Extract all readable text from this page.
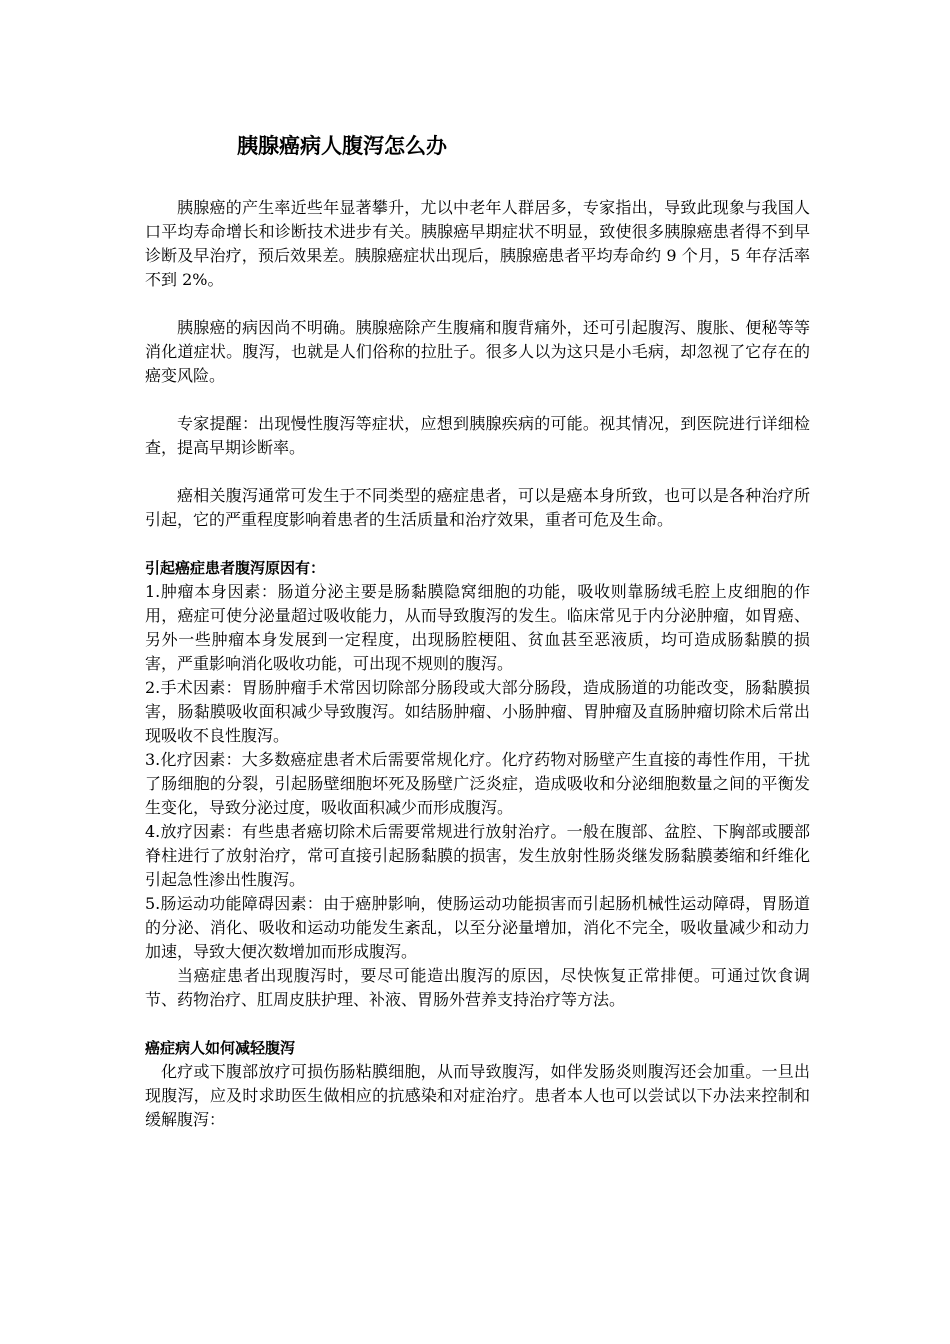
胰腺癌病人腹泻怎么办

胰腺癌的产生率近些年显著攀升，尤以中老年人群居多，专家指出，导致此现象与我国人口平均寿命增长和诊断技术进步有关。胰腺癌早期症状不明显，致使很多胰腺癌患者得不到早诊断及早治疗，预后效果差。胰腺癌症状出现后，胰腺癌患者平均寿命约 9 个月，5 年存活率不到 2%。

胰腺癌的病因尚不明确。胰腺癌除产生腹痛和腹背痛外，还可引起腹泻、腹胀、便秘等等消化道症状。腹泻，也就是人们俗称的拉肚子。很多人以为这只是小毛病，却忽视了它存在的癌变风险。

专家提醒：出现慢性腹泻等症状，应想到胰腺疾病的可能。视其情况，到医院进行详细检查，提高早期诊断率。

癌相关腹泻通常可发生于不同类型的癌症患者，可以是癌本身所致，也可以是各种治疗所引起，它的严重程度影响着患者的生活质量和治疗效果，重者可危及生命。

引起癌症患者腹泻原因有：

1.肿瘤本身因素：肠道分泌主要是肠黏膜隐窝细胞的功能，吸收则靠肠绒毛腔上皮细胞的作用，癌症可使分泌量超过吸收能力，从而导致腹泻的发生。临床常见于内分泌肿瘤，如胃癌、另外一些肿瘤本身发展到一定程度，出现肠腔梗阻、贫血甚至恶液质，均可造成肠黏膜的损害，严重影响消化吸收功能，可出现不规则的腹泻。

2.手术因素：胃肠肿瘤手术常因切除部分肠段或大部分肠段，造成肠道的功能改变，肠黏膜损害，肠黏膜吸收面积减少导致腹泻。如结肠肿瘤、小肠肿瘤、胃肿瘤及直肠肿瘤切除术后常出现吸收不良性腹泻。

3.化疗因素：大多数癌症患者术后需要常规化疗。化疗药物对肠壁产生直接的毒性作用，干扰了肠细胞的分裂，引起肠壁细胞坏死及肠壁广泛炎症，造成吸收和分泌细胞数量之间的平衡发生变化，导致分泌过度，吸收面积减少而形成腹泻。

4.放疗因素：有些患者癌切除术后需要常规进行放射治疗。一般在腹部、盆腔、下胸部或腰部脊柱进行了放射治疗，常可直接引起肠黏膜的损害，发生放射性肠炎继发肠黏膜萎缩和纤维化引起急性渗出性腹泻。

5.肠运动功能障碍因素：由于癌肿影响，使肠运动功能损害而引起肠机械性运动障碍，胃肠道的分泌、消化、吸收和运动功能发生紊乱，以至分泌量增加，消化不完全，吸收量减少和动力加速，导致大便次数增加而形成腹泻。

当癌症患者出现腹泻时，要尽可能造出腹泻的原因，尽快恢复正常排便。可通过饮食调节、药物治疗、肛周皮肤护理、补液、胃肠外营养支持治疗等方法。

癌症病人如何减轻腹泻

化疗或下腹部放疗可损伤肠粘膜细胞，从而导致腹泻，如伴发肠炎则腹泻还会加重。一旦出现腹泻，应及时求助医生做相应的抗感染和对症治疗。患者本人也可以尝试以下办法来控制和缓解腹泻：
